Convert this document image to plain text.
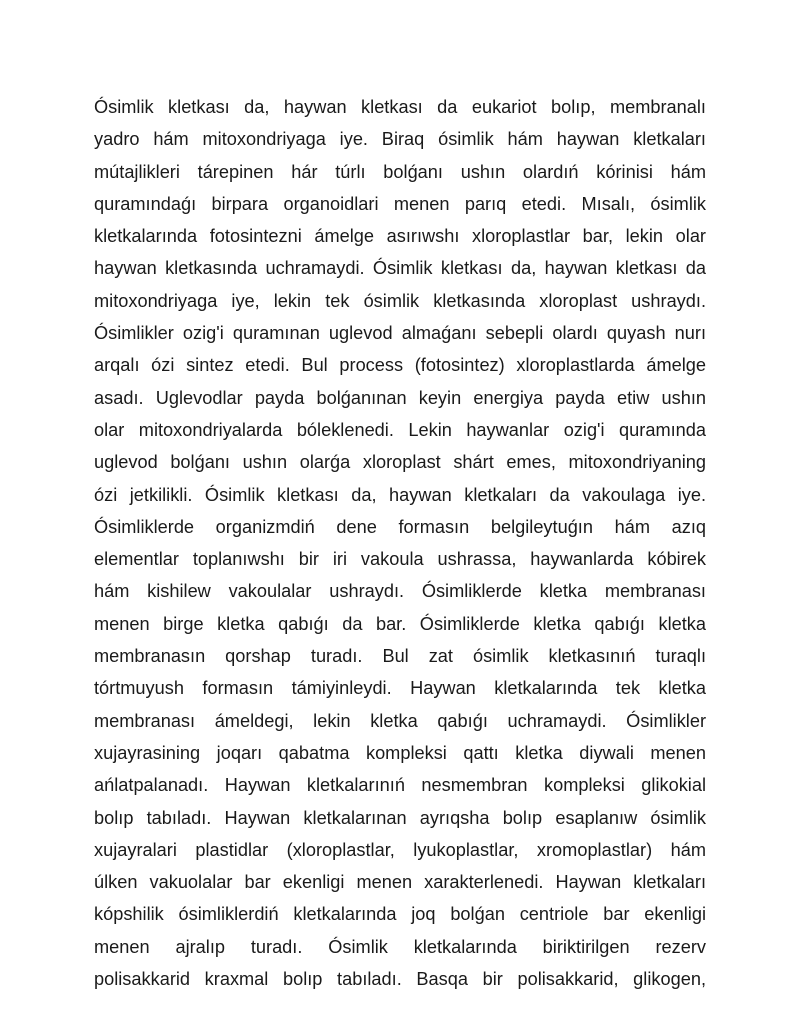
Ósimlik kletkası da, haywan kletkası da eukariot bolıp, membranalı
yadro hám mitoxondriyaga iye. Biraq ósimlik hám haywan kletkaları
mútajlikleri tárepinen hár túrlı bolǵanı ushın olardıń kórinisi hám
quramındaǵı birpara organoidlari menen parıq etedi. Mısalı, ósimlik
kletkalarında fotosintezni ámelge asırıwshı xloroplastlar bar, lekin olar
haywan kletkasında uchramaydi. Ósimlik kletkası da, haywan kletkası da
mitoxondriyaga iye, lekin tek ósimlik kletkasında xloroplast ushraydı.
Ósimlikler ozig'i quramınan uglevod almaǵanı sebepli olardı quyash nurı
arqalı ózi sintez etedi. Bul process (fotosintez) xloroplastlarda ámelge
asadı. Uglevodlar payda bolǵanınan keyin energiya payda etiw ushın
olar mitoxondriyalarda bóleklenedi. Lekin haywanlar ozig'i quramında
uglevod bolǵanı ushın olarǵa xloroplast shárt emes, mitoxondriyaning
ózi jetkilikli. Ósimlik kletkası da, haywan kletkaları da vakoulaga iye.
Ósimliklerde organizmdiń dene formasın belgileytuǵın hám azıq
elementlar toplanıwshı bir iri vakoula ushrassa, haywanlarda kóbirek
hám kishilew vakoulalar ushraydı. Ósimliklerde kletka membranası
menen birge kletka qabıǵı da bar. Ósimliklerde kletka qabıǵı kletka
membranasın qorshap turadı. Bul zat ósimlik kletkasınıń turaqlı
tórtmuyush formasın támiyinleydi. Haywan kletkalarında tek kletka
membranası ámeldegi, lekin kletka qabıǵı uchramaydi. Ósimlikler
xujayrasining joqarı qabatma kompleksi qattı kletka diywali menen
ańlatpalanadı. Haywan kletkalarınıń nesmembran kompleksi glikokial
bolıp tabıladı. Haywan kletkalarınan ayrıqsha bolıp esaplanıw ósimlik
xujayralari plastidlar (xloroplastlar, lyukoplastlar, xromoplastlar) hám
úlken vakuolalar bar ekenligi menen xarakterlenedi. Haywan kletkaları
kópshilik ósimliklerdiń kletkalarında joq bolǵan centriole bar ekenligi
menen ajralıp turadı. Ósimlik kletkalarında biriktirilgen rezerv
polisakkarid kraxmal bolıp tabıladı. Basqa bir polisakkarid, glikogen,
